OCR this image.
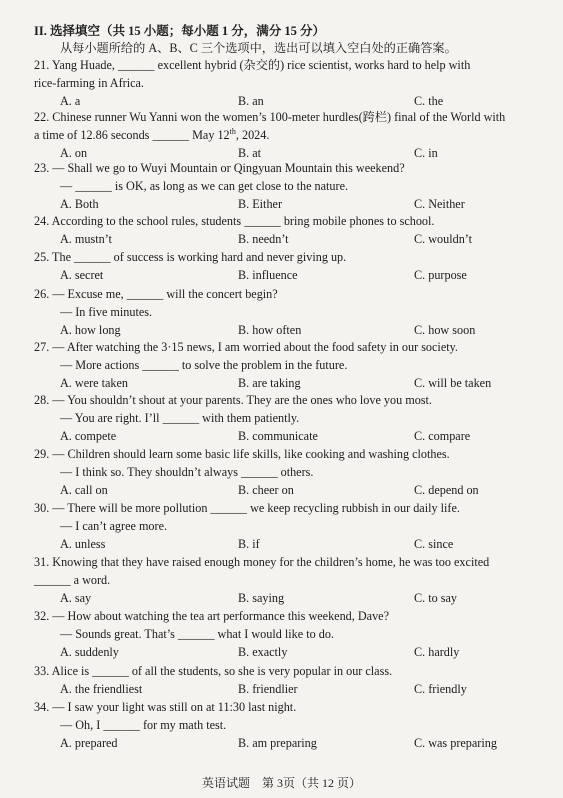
II. 选择填空（共 15 小题；每小题 1 分，满分 15 分）
从每小题所给的 A、B、C 三个选项中，选出可以填入空白处的正确答案。
21. Yang Huade, ______ excellent hybrid (杂交的) rice scientist, works hard to help with
rice-farming in Africa.
A. a	B. an	C. the
22. Chinese runner Wu Yanni won the women’s 100-meter hurdles(跨栏) final of the World with
a time of 12.86 seconds ______ May 12th, 2024.
A. on	B. at	C. in
23. — Shall we go to Wuyi Mountain or Qingyuan Mountain this weekend?
— ______ is OK, as long as we can get close to the nature.
A. Both	B. Either	C. Neither
24. According to the school rules, students ______ bring mobile phones to school.
A. mustn’t	B. needn’t	C. wouldn’t
25. The ______ of success is working hard and never giving up.
A. secret	B. influence	C. purpose
26. — Excuse me, ______ will the concert begin?
— In five minutes.
A. how long	B. how often	C. how soon
27. — After watching the 3·15 news, I am worried about the food safety in our society.
— More actions ______ to solve the problem in the future.
A. were taken	B. are taking	C. will be taken
28. — You shouldn’t shout at your parents. They are the ones who love you most.
— You are right. I’ll ______ with them patiently.
A. compete	B. communicate	C. compare
29. — Children should learn some basic life skills, like cooking and washing clothes.
— I think so. They shouldn’t always ______ others.
A. call on	B. cheer on	C. depend on
30. — There will be more pollution ______ we keep recycling rubbish in our daily life.
— I can’t agree more.
A. unless	B. if	C. since
31. Knowing that they have raised enough money for the children’s home, he was too excited
______ a word.
A. say	B. saying	C. to say
32. — How about watching the tea art performance this weekend, Dave?
— Sounds great. That’s ______ what I would like to do.
A. suddenly	B. exactly	C. hardly
33. Alice is ______ of all the students, so she is very popular in our class.
A. the friendliest	B. friendlier	C. friendly
34. — I saw your light was still on at 11:30 last night.
— Oh, I ______ for my math test.
A. prepared	B. am preparing	C. was preparing
英语试题　第 3页（共 12 页）
